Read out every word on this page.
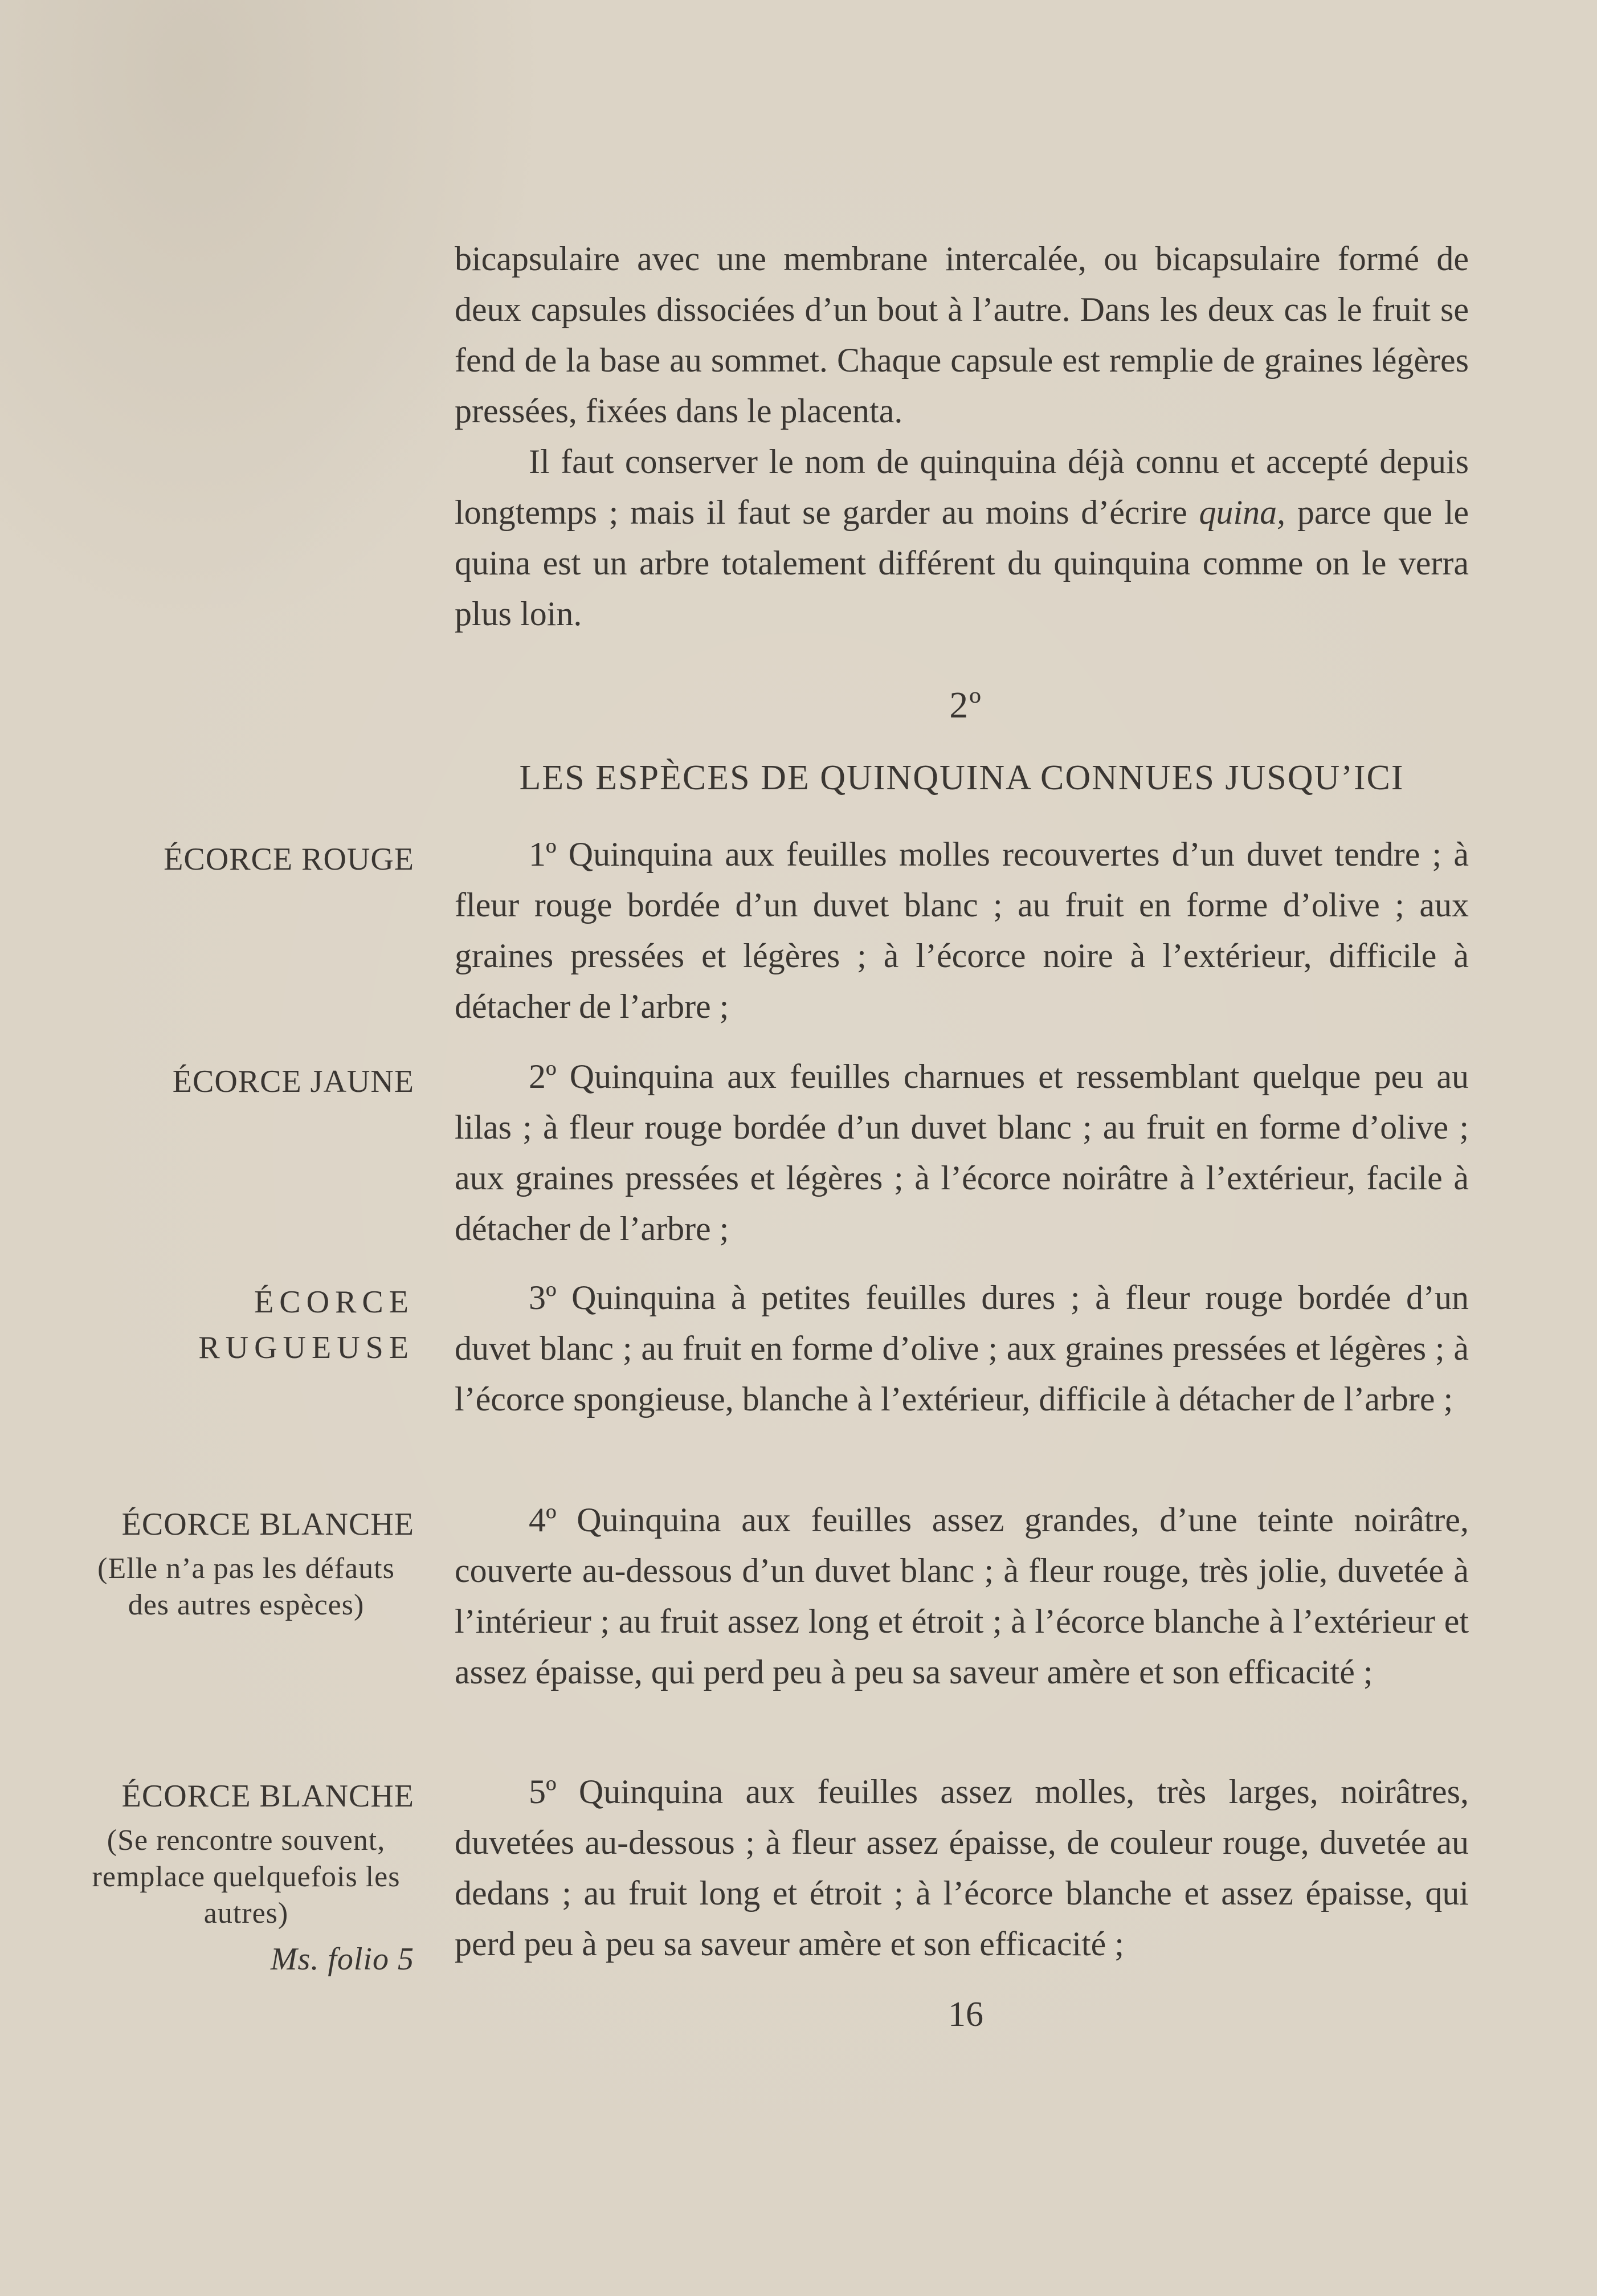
bicapsulaire avec une membrane intercalée, ou bicapsulaire formé de deux capsules dissociées d’un bout à l’autre. Dans les deux cas le fruit se fend de la base au sommet. Chaque capsule est remplie de graines légères pressées, fixées dans le placenta.

Il faut conserver le nom de quinquina déjà connu et accepté depuis longtemps ; mais il faut se garder au moins d’écrire quina, parce que le quina est un arbre totalement différent du quinquina comme on le verra plus loin.

2º
LES ESPÈCES DE QUINQUINA CONNUES JUSQU’ICI
ÉCORCE ROUGE	1º Quinquina aux feuilles molles recouvertes d’un duvet tendre ; à fleur rouge bordée d’un duvet blanc ; au fruit en forme d’olive ; aux graines pressées et légères ; à l’écorce noire à l’extérieur, difficile à détacher de l’arbre ;

ÉCORCE JAUNE	2º Quinquina aux feuilles charnues et ressemblant quelque peu au lilas ; à fleur rouge bordée d’un duvet blanc ; au fruit en forme d’olive ; aux graines pressées et légères ; à l’écorce noirâtre à l’extérieur, facile à détacher de l’arbre ;

ÉCORCE
RUGUEUSE

3º Quinquina à petites feuilles dures ; à fleur rouge bordée d’un duvet blanc ; au fruit en forme d’olive ; aux graines pressées et légères ; à l’écorce spongieuse, blanche à l’extérieur, difficile à détacher de l’arbre ;

ÉCORCE BLANCHE
(Elle n’a pas les défauts des autres espèces)

4º Quinquina aux feuilles assez grandes, d’une teinte noirâtre, couverte au-dessous d’un duvet blanc ; à fleur rouge, très jolie, duvetée à l’intérieur ; au fruit assez long et étroit ; à l’écorce blanche à l’extérieur et assez épaisse, qui perd peu à peu sa saveur amère et son efficacité ;

ÉCORCE BLANCHE
(Se rencontre souvent, remplace quelquefois les autres)
Ms. folio 5

5º Quinquina aux feuilles assez molles, très larges, noirâtres, duvetées au-dessous ; à fleur assez épaisse, de couleur rouge, duvetée au dedans ; au fruit long et étroit ; à l’écorce blanche et assez épaisse, qui perd peu à peu sa saveur amère et son efficacité ;

16
